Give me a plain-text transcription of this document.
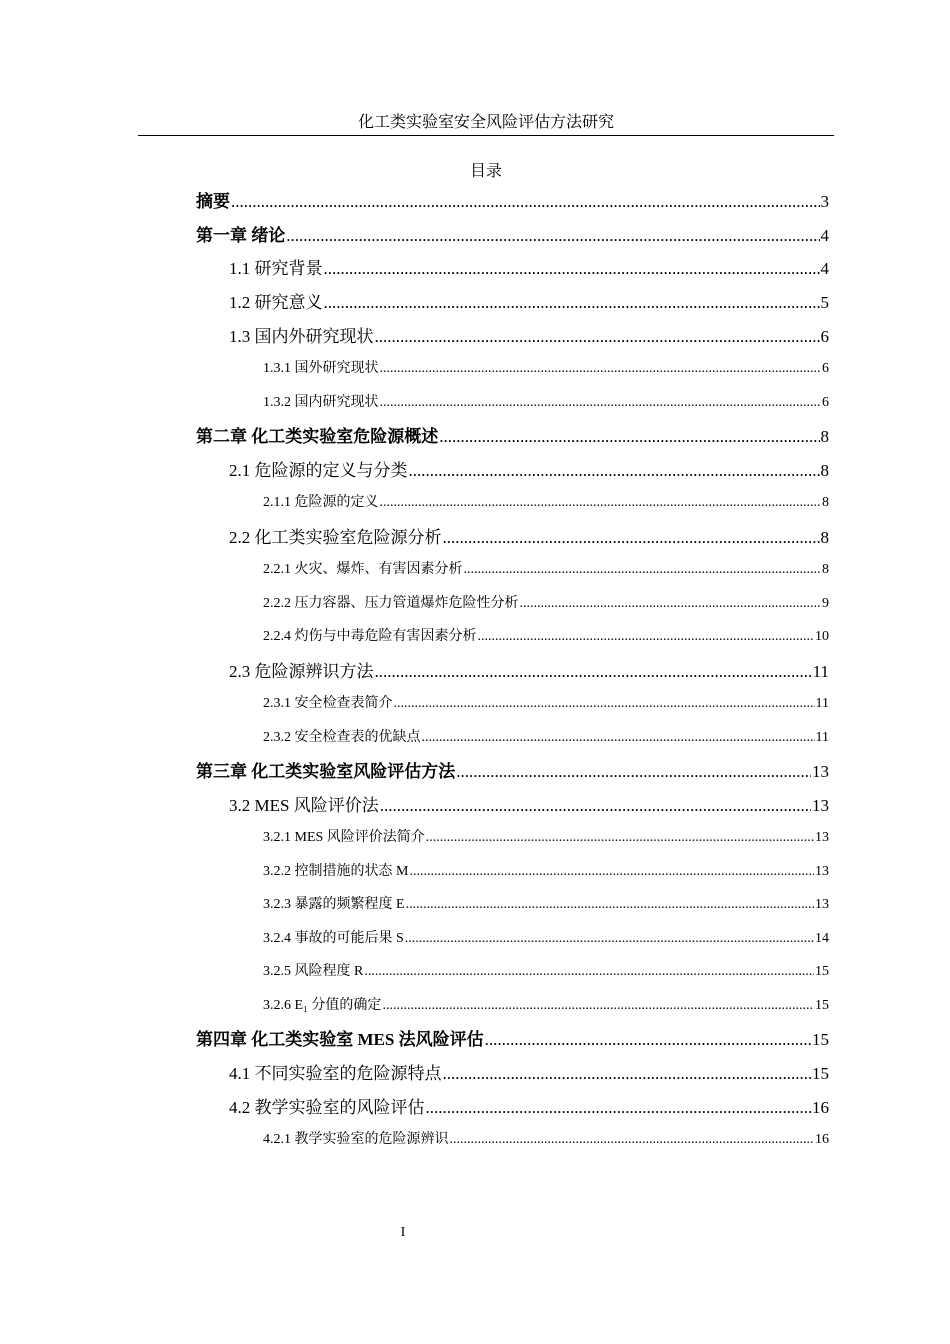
化工类实验室安全风险评估方法研究
目录
摘要 .....	3
第一章 绪论 .....	4
1.1 研究背景 .....	4
1.2 研究意义 .....	5
1.3 国内外研究现状 .....	6
1.3.1 国外研究现状 .....	6
1.3.2 国内研究现状 .....	6
第二章 化工类实验室危险源概述 .....	8
2.1 危险源的定义与分类 .....	8
2.1.1 危险源的定义 .....	8
2.2 化工类实验室危险源分析 .....	8
2.2.1 火灾、爆炸、有害因素分析 .....	8
2.2.2 压力容器、压力管道爆炸危险性分析 .....	9
2.2.4 灼伤与中毒危险有害因素分析 .....	10
2.3 危险源辨识方法 .....	11
2.3.1 安全检查表简介 .....	11
2.3.2 安全检查表的优缺点 .....	11
第三章 化工类实验室风险评估方法 .....	13
3.2 MES 风险评价法 .....	13
3.2.1 MES 风险评价法简介 .....	13
3.2.2 控制措施的状态 M .....	13
3.2.3 暴露的频繁程度 E .....	13
3.2.4 事故的可能后果 S .....	14
3.2.5 风险程度 R .....	15
3.2.6 E₁ 分值的确定 .....	15
第四章 化工类实验室 MES 法风险评估 .....	15
4.1 不同实验室的危险源特点 .....	15
4.2 教学实验室的风险评估 .....	16
4.2.1 教学实验室的危险源辨识 .....	16
I
